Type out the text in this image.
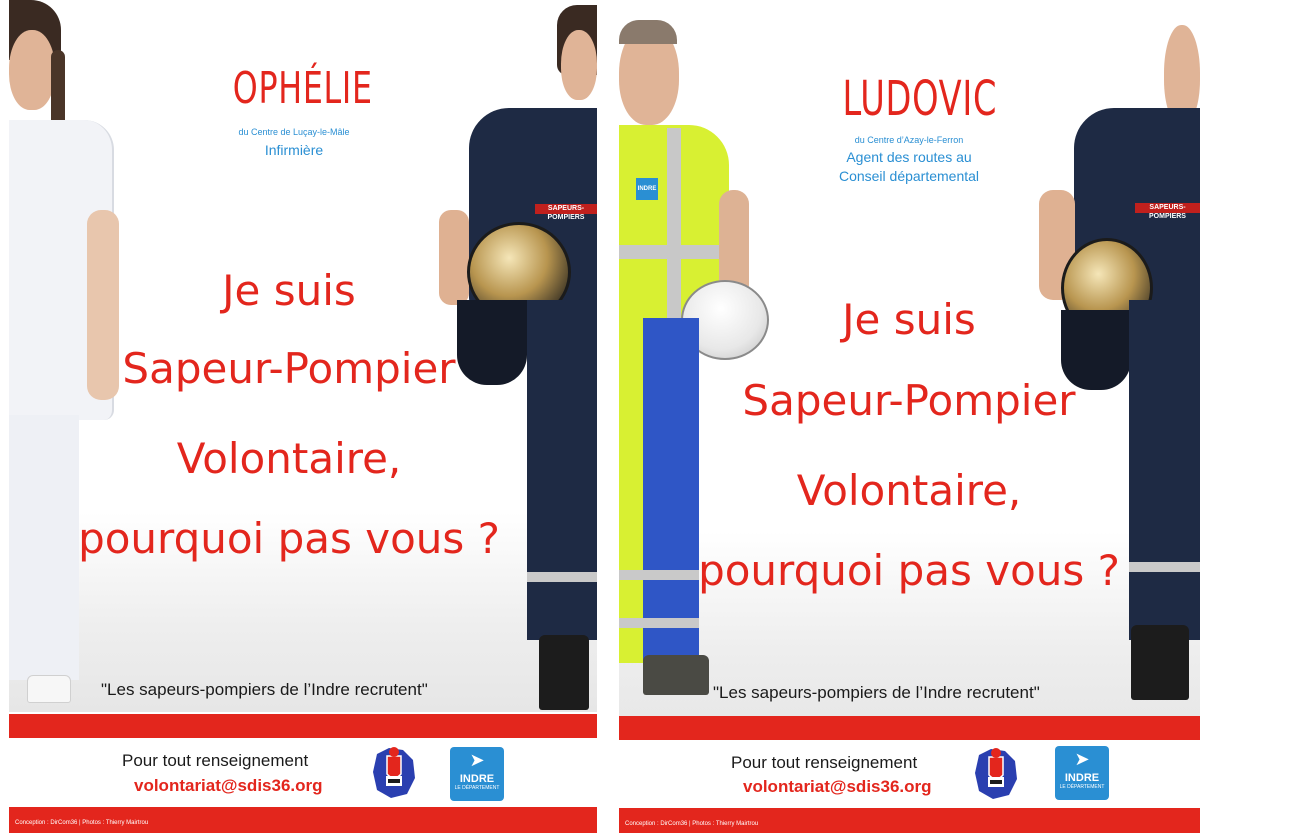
SAPEURS-POMPIERS
OPHÉLIE
du Centre de Luçay-le-Mâle
Infirmière
Je suis
Sapeur-Pompier
Volontaire,
pourquoi pas vous ?
"Les sapeurs-pompiers de l’Indre recrutent"
Pour tout renseignement
volontariat@sdis36.org
➤
INDRE
LE DÉPARTEMENT
Conception : DirCom36 | Photos : Thierry Mairtrou
INDRE
SAPEURS-POMPIERS
LUDOVIC
du Centre d’Azay-le-Ferron
Agent des routes au
Conseil départemental
Je suis
Sapeur-Pompier
Volontaire,
pourquoi pas vous ?
"Les sapeurs-pompiers de l’Indre recrutent"
Pour tout renseignement
volontariat@sdis36.org
➤
INDRE
LE DÉPARTEMENT
Conception : DirCom36 | Photos : Thierry Mairtrou
